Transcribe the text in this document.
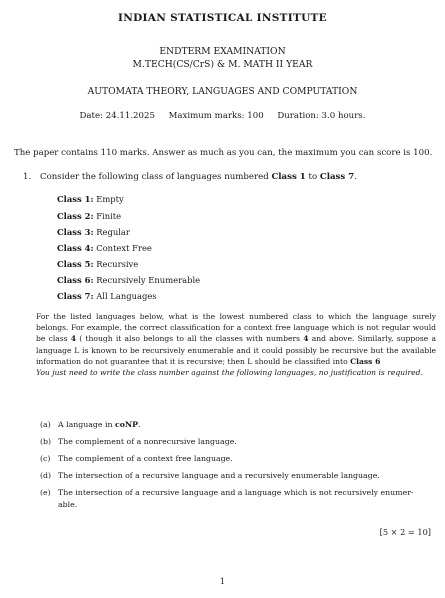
INDIAN STATISTICAL INSTITUTE
ENDTERM EXAMINATION
M.TECH(CS/CrS) & M. MATH II YEAR
AUTOMATA THEORY, LANGUAGES AND COMPUTATION
Date: 24.11.2025     Maximum marks: 100     Duration: 3.0 hours.
The paper contains 110 marks. Answer as much as you can, the maximum you can score is 100.
1. Consider the following class of languages numbered Class 1 to Class 7.
Class 1: Empty
Class 2: Finite
Class 3: Regular
Class 4: Context Free
Class 5: Recursive
Class 6: Recursively Enumerable
Class 7: All Languages
For the listed languages below, what is the lowest numbered class to which the language surely belongs. For example, the correct classification for a context free language which is not regular would be class 4 ( though it also belongs to all the classes with numbers 4 and above. Similarly, suppose a language L is known to be recursively enumerable and it could possibly be recursive but the available information do not guarantee that it is recursive; then L should be classified into Class 6
You just need to write the class number against the following languages, no justification is required.
(a) A language in coNP.
(b) The complement of a nonrecursive language.
(c) The complement of a context free language.
(d) The intersection of a recursive language and a recursively enumerable language.
(e) The intersection of a recursive language and a language which is not recursively enumer-
able.
[5 × 2 = 10]
1
